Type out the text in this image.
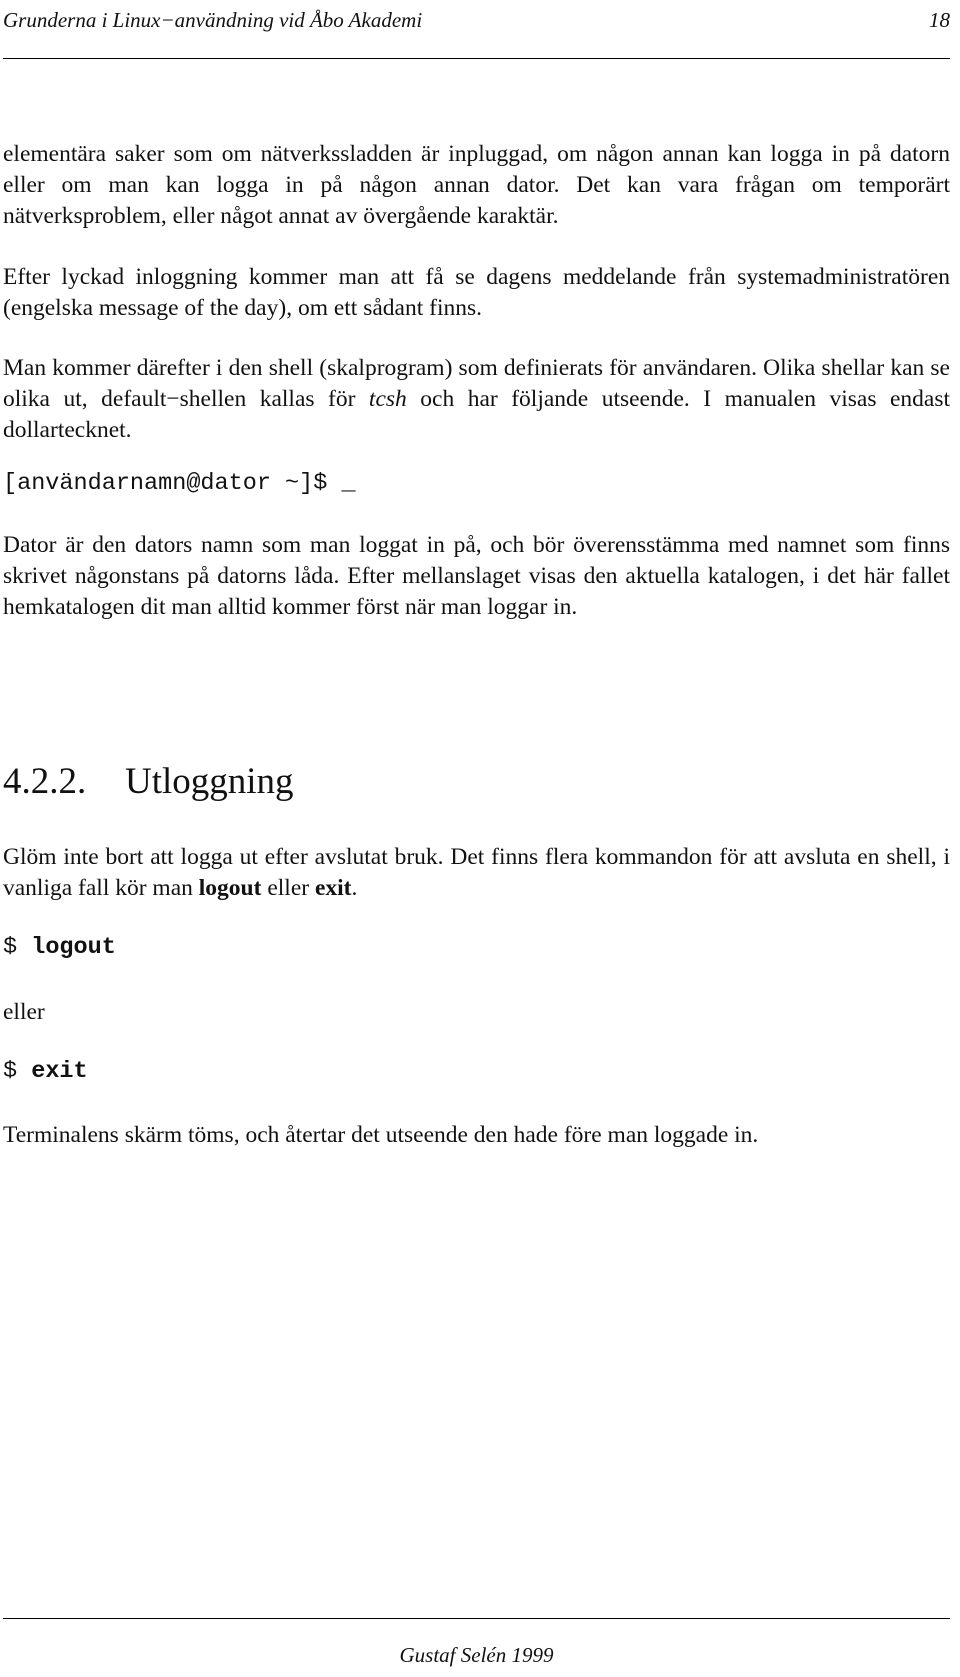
Grunderna i Linux−användning vid Åbo Akademi	18

elementära saker som om nätverkssladden är inpluggad, om någon annan kan logga in på datorn eller om man kan logga in på någon annan dator. Det kan vara frågan om temporärt nätverksproblem, eller något annat av övergående karaktär.

Efter lyckad inloggning kommer man att få se dagens meddelande från systemadministratören (engelska message of the day), om ett sådant finns.

Man kommer därefter i den shell (skalprogram) som definierats för användaren. Olika shellar kan se olika ut, default−shellen kallas för tcsh och har följande utseende. I manualen visas endast dollartecknet.

[användarnamn@dator ~]$ _

Dator är den dators namn som man loggat in på, och bör överensstämma med namnet som finns skrivet någonstans på datorns låda. Efter mellanslaget visas den aktuella katalogen, i det här fallet hemkatalogen dit man alltid kommer först när man loggar in.

4.2.2. Utloggning

Glöm inte bort att logga ut efter avslutat bruk. Det finns flera kommandon för att avsluta en shell, i vanliga fall kör man logout eller exit.

$ logout

eller

$ exit

Terminalens skärm töms, och återtar det utseende den hade före man loggade in.

Gustaf Selén 1999
